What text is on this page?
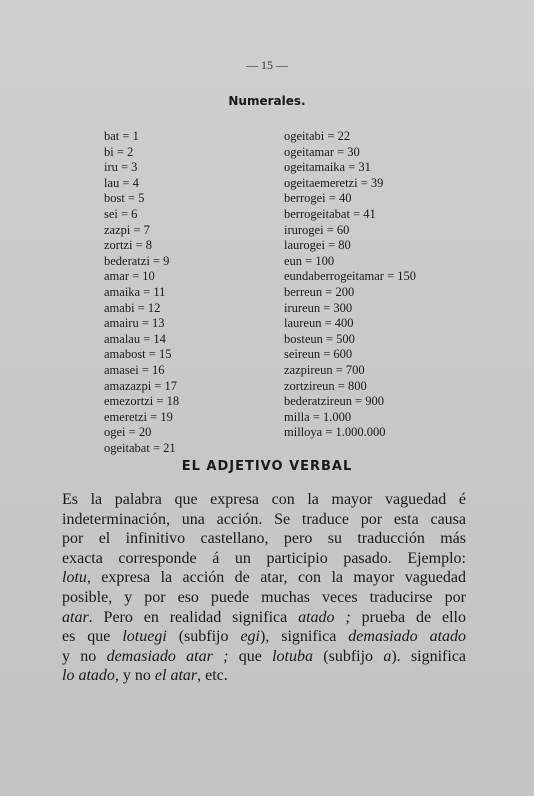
— 15 —
Numerales.
bat = 1
bi = 2
iru = 3
lau = 4
bost = 5
sei = 6
zazpi = 7
zortzi = 8
bederatzi = 9
amar = 10
amaika = 11
amabi = 12
amairu = 13
amalau = 14
amabost = 15
amasei = 16
amazazpi = 17
emezortzi = 18
emeretzi = 19
ogei = 20
ogeitabat = 21
ogeitabi = 22
ogeitamar = 30
ogeitamaika = 31
ogeitaemeretzi = 39
berrogei = 40
berrogeitabat = 41
irurogei = 60
laurogei = 80
eun = 100
eundaberrogeitamar = 150
berreun = 200
irureun = 300
laureun = 400
bosteun = 500
seireun = 600
zazpireun = 700
zortzireun = 800
bederatzireun = 900
milla = 1.000
milloya = 1.000.000
EL ADJETIVO VERBAL
Es la palabra que expresa con la mayor vaguedad é
indeterminación, una acción. Se traduce por esta causa
por el infinitivo castellano, pero su traducción más
exacta corresponde á un participio pasado. Ejemplo:
lotu, expresa la acción de atar, con la mayor vaguedad
posible, y por eso puede muchas veces traducirse por
atar. Pero en realidad significa atado ; prueba de ello
es que lotuegi (subfijo egi), significa demasiado atado
y no demasiado atar ; que lotuba (subfijo a). significa
lo atado, y no el atar, etc.
